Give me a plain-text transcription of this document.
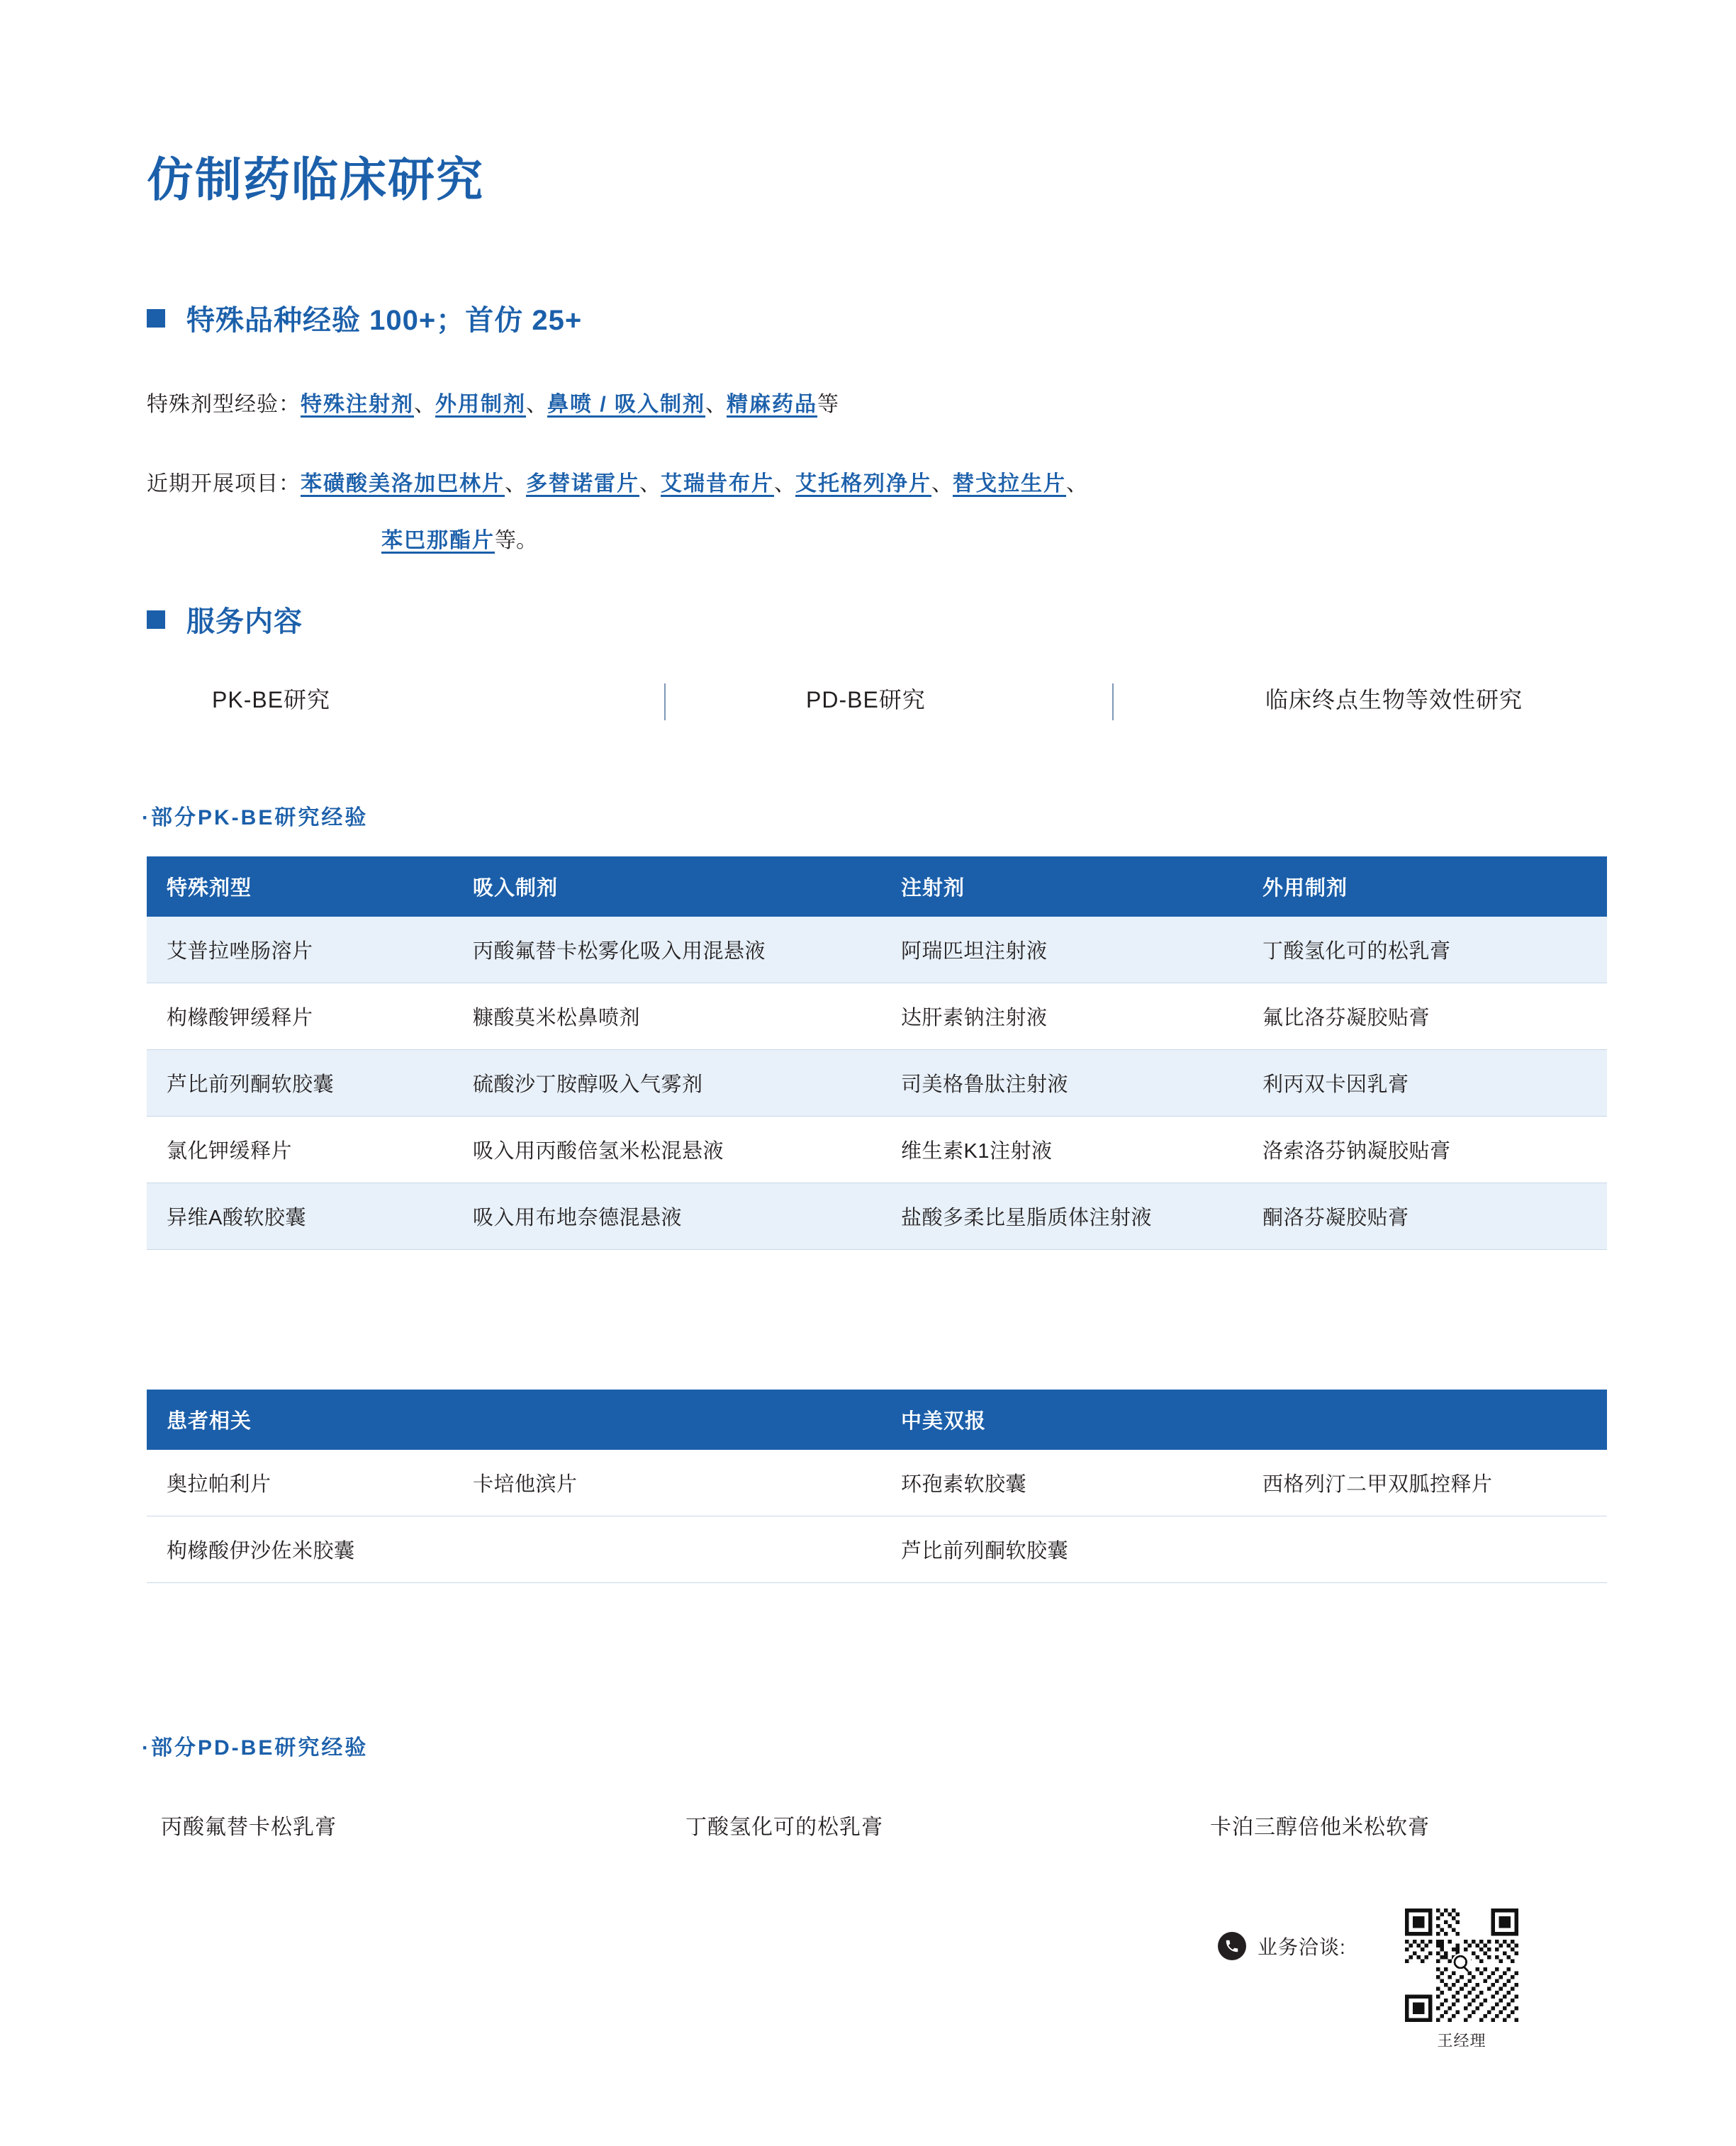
仿制药临床研究
特殊品种经验 100+；首仿 25+
特殊剂型经验：特殊注射剂、外用制剂、鼻喷 / 吸入制剂、精麻药品等
近期开展项目：苯磺酸美洛加巴林片、多替诺雷片、艾瑞昔布片、艾托格列净片、替戈拉生片、
苯巴那酯片等。
服务内容
PK-BE研究	PD-BE研究	临床终点生物等效性研究
·部分PK-BE研究经验
特殊剂型	吸入制剂	注射剂	外用制剂
艾普拉唑肠溶片	丙酸氟替卡松雾化吸入用混悬液	阿瑞匹坦注射液	丁酸氢化可的松乳膏
枸橼酸钾缓释片	糠酸莫米松鼻喷剂	达肝素钠注射液	氟比洛芬凝胶贴膏
芦比前列酮软胶囊	硫酸沙丁胺醇吸入气雾剂	司美格鲁肽注射液	利丙双卡因乳膏
氯化钾缓释片	吸入用丙酸倍氢米松混悬液	维生素K1注射液	洛索洛芬钠凝胶贴膏
异维A酸软胶囊	吸入用布地奈德混悬液	盐酸多柔比星脂质体注射液	酮洛芬凝胶贴膏
患者相关		中美双报	
奥拉帕利片	卡培他滨片	环孢素软胶囊	西格列汀二甲双胍控释片
枸橼酸伊沙佐米胶囊		芦比前列酮软胶囊	
·部分PD-BE研究经验
丙酸氟替卡松乳膏	丁酸氢化可的松乳膏	卡泊三醇倍他米松软膏
业务洽谈:
王经理
